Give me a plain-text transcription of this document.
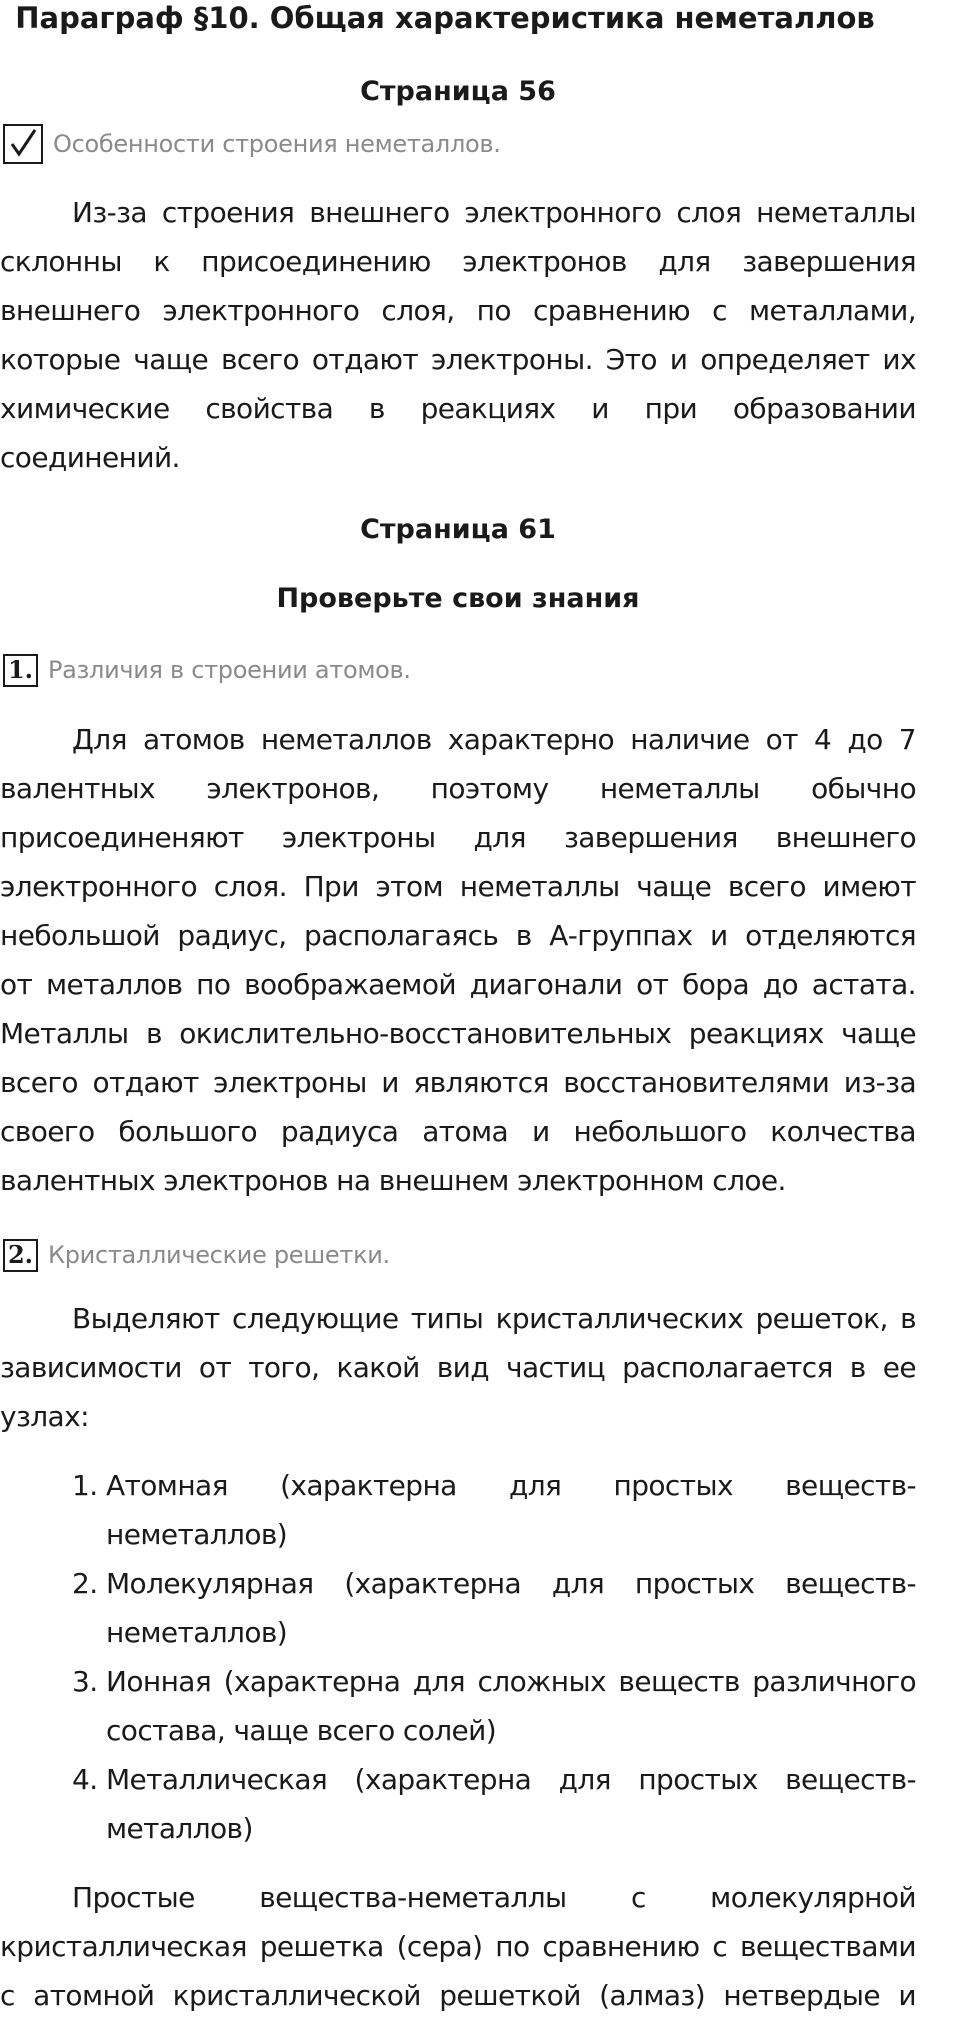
Параграф §10. Общая характеристика неметаллов
Страница 56
Особенности строения неметаллов.
Из-за строения внешнего электронного слоя неметаллы
склонны к присоединению электронов для завершения
внешнего электронного слоя, по сравнению с металлами,
которые чаще всего отдают электроны. Это и определяет их
химические свойства в реакциях и при образовании
соединений.
Страница 61
Проверьте свои знания
1. Различия в строении атомов.
Для атомов неметаллов характерно наличие от 4 до 7
валентных электронов, поэтому неметаллы обычно
присоединеняют электроны для завершения внешнего
электронного слоя. При этом неметаллы чаще всего имеют
небольшой радиус, располагаясь в А-группах и отделяются
от металлов по воображаемой диагонали от бора до астата.
Металлы в окислительно-восстановительных реакциях чаще
всего отдают электроны и являются восстановителями из-за
своего большого радиуса атома и небольшого колчества
валентных электронов на внешнем электронном слое.
2. Кристаллические решетки.
Выделяют следующие типы кристаллических решеток, в
зависимости от того, какой вид частиц располагается в ее
узлах:
1. Атомная (характерна для простых веществ-
неметаллов)
2. Молекулярная (характерна для простых веществ-
неметаллов)
3. Ионная (характерна для сложных веществ различного
состава, чаще всего солей)
4. Металлическая (характерна для простых веществ-
металлов)
Простые вещества-неметаллы с молекулярной
кристаллическая решетка (сера) по сравнению с веществами
с атомной кристаллической решеткой (алмаз) нетвердые и
